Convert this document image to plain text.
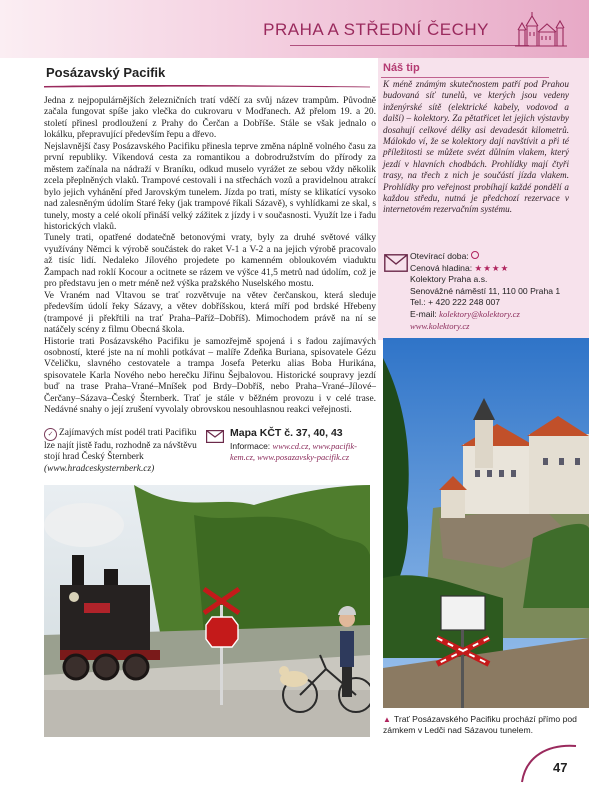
PRAHA A STŘEDNÍ ČECHY
Posázavský Pacifik

Jedna z nejpopulárnějších železničních tratí vděčí za svůj název trampům. Původně začala fungovat spíše jako vlečka do cukrovaru v Modřanech. Až přelom 19. a 20. století přinesl prodloužení z Prahy do Čerčan a Dobříše. Stále se však jednalo o lokálku, přepravující především řepu a dřevo.

Nejslavnější časy Posázavského Pacifiku přinesla teprve změna náplně volného času za první republiky. Víkendová cesta za romantikou a dobrodružstvím do přírody za městem začínala na nádraží v Braníku, odkud muselo vyrážet ze sebou vždy několik zcela přeplněných vlaků. Trampové cestovali i na střechách vozů a pravidelnou atrakcí bylo jejich vyhánění před Jarovským tunelem. Jízda po trati, místy se klikatící vysoko nad zalesněným údolím Staré řeky (jak trampové říkali Sázavě), s vyhlídkami ze skal, s tunely, mosty a celé okolí přináší velký zážitek z jízdy i v současnosti. Využít lze i řadu historických vlaků.

Tunely trati, opatřené dodatečně betonovými vraty, byly za druhé světové války využívány Němci k výrobě součástek do raket V-1 a V-2 a na jejich výrobě pracovalo až tisíc lidí. Nedaleko Jílového projedete po kamenném obloukovém viaduktu Žampach nad roklí Kocour a ocitnete se rázem ve výšce 41,5 metrů nad údolím, což je pro představu jen o metr méně než výška pražského Nuselského mostu.

Ve Vraném nad Vltavou se trať rozvětvuje na větev čerčanskou, která sleduje především údolí řeky Sázavy, a větev dobříšskou, která míří pod brdské Hřebeny (trampové ji překřtili na trať Praha–Paříž–Dobříš). Mimochodem právě na ní se natáčely scény z filmu Obecná škola.

Historie trati Posázavského Pacifiku je samozřejmě spojená i s řadou zajímavých osobností, které jste na ní mohli potkávat – malíře Zdeňka Buriana, spisovatele Gézu Včeličku, slavného cestovatele a trampa Josefa Peterku alias Boba Hurikána, spisovatele Karla Nového nebo herečku Jiřinu Šejbalovou. Historické soupravy jezdí buď na trase Praha–Vrané–Mníšek pod Brdy–Dobříš, nebo Praha–Vrané–Jílové–Čerčany–Sázava–Český Šternberk. Trať je stále v běžném provozu i v celé trase. Nedávné snahy o její zrušení vyvolaly obrovskou nesouhlasnou reakci veřejnosti.

✓ Zajímavých míst podél trati Pacifiku lze najít jistě řadu, rozhodně za návštěvu stojí hrad Český Šternberk (www.hradceskysternberk.cz)
Mapa KČT č. 37, 40, 43
Informace: www.cd.cz, www.pacifik-kem.cz, www.posazavsky-pacifik.cz
Náš tip
K méně známým skutečnostem patří pod Prahou budovaná síť tunelů, ve kterých jsou vedeny inženýrské sítě (elektrické kabely, vodovod a další) – kolektory. Za pětatřicet let jejich výstavby dosahují celkové délky asi devadesát kilometrů. Málokdo ví, že se kolektory dají navštívit a při té příležitosti se můžete svézt důlním vlakem, který jezdí v hlavních chodbách. Prohlídky mají čtyři trasy, na třech z nich je součástí jízda vlakem. Prohlídky pro veřejnost probíhají každé pondělí a každou středu, nutná je předchozí rezervace v internetovém rezervačním systému.
Otevírací doba:
Cenová hladina: ★★★★
Kolektory Praha a.s.
Senovážné náměstí 11, 110 00 Praha 1
Tel.: + 420 222 248 007
E-mail: kolektory@kolektory.cz
www.kolektory.cz
▲ Trať Posázavského Pacifiku prochází přímo pod zámkem v Ledči nad Sázavou tunelem.
47
